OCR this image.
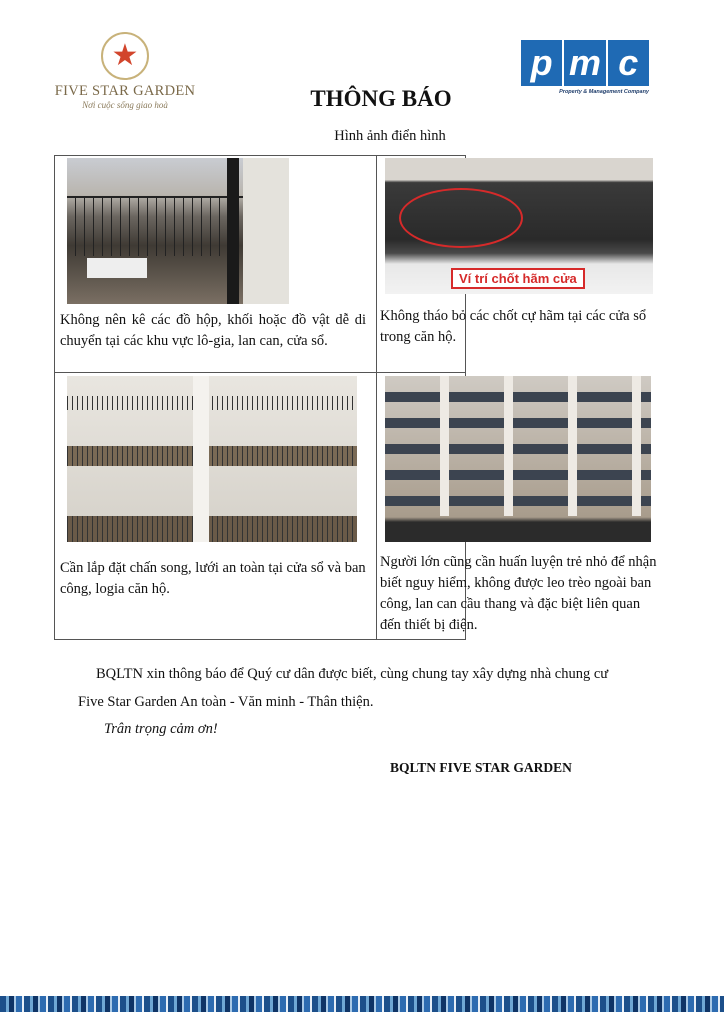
★
FIVE STAR GARDEN
Nơi cuộc sống giao hoà
p m c
Property & Management Company
THÔNG BÁO
Hình ảnh điển hình
Không nên kê các đồ hộp, khối hoặc đồ vật dễ di chuyển tại các khu vực lô-gia, lan can, cửa sổ.
Ví trí chốt hãm cửa
Không tháo bỏ các chốt cự hãm tại các cửa sổ trong căn hộ.
Cần lắp đặt chấn song, lưới an toàn tại cửa sổ và ban công, logia căn hộ.
Người lớn cũng cần huấn luyện trẻ nhỏ để nhận biết nguy hiểm, không được leo trèo ngoài ban công, lan can cầu thang và đặc biệt liên quan đến thiết bị điện.
BQLTN xin thông báo để Quý cư dân được biết, cùng chung tay xây dựng nhà chung cư
Five Star Garden An toàn - Văn minh - Thân thiện.
Trân trọng cảm ơn!
BQLTN FIVE STAR GARDEN
